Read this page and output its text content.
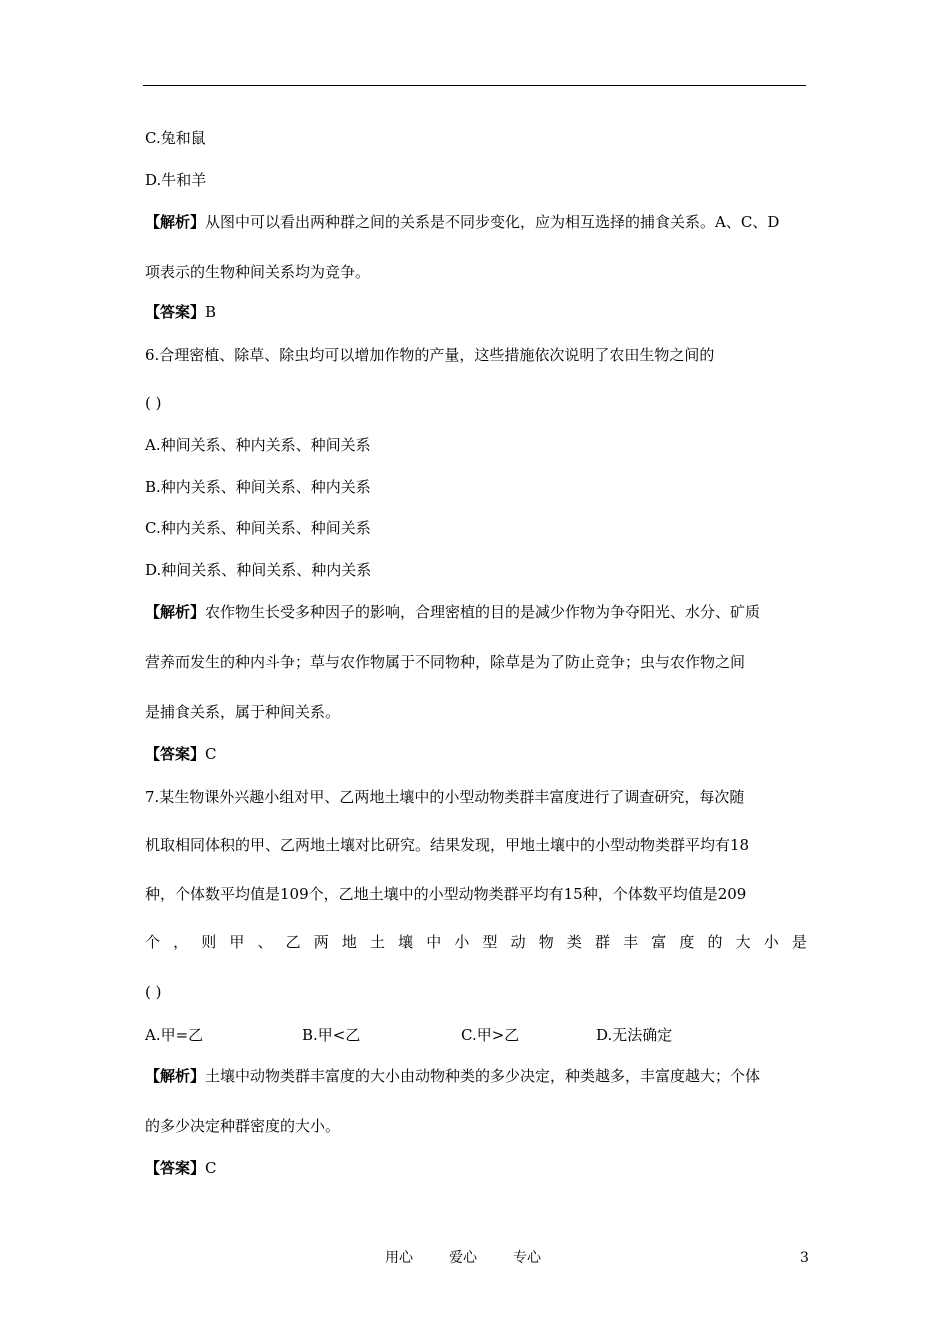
C.兔和鼠
D.牛和羊
【解析】从图中可以看出两种群之间的关系是不同步变化，应为相互选择的捕食关系。A、C、D
项表示的生物种间关系均为竞争。
【答案】B
6.合理密植、除草、除虫均可以增加作物的产量，这些措施依次说明了农田生物之间的
( )
A.种间关系、种内关系、种间关系
B.种内关系、种间关系、种内关系
C.种内关系、种间关系、种间关系
D.种间关系、种间关系、种内关系
【解析】农作物生长受多种因子的影响，合理密植的目的是减少作物为争夺阳光、水分、矿质
营养而发生的种内斗争；草与农作物属于不同物种，除草是为了防止竞争；虫与农作物之间
是捕食关系，属于种间关系。
【答案】C
7.某生物课外兴趣小组对甲、乙两地土壤中的小型动物类群丰富度进行了调查研究，每次随
机取相同体积的甲、乙两地土壤对比研究。结果发现，甲地土壤中的小型动物类群平均有18
种，个体数平均值是109个，乙地土壤中的小型动物类群平均有15种，个体数平均值是209
个 ， 则 甲 、 乙 两 地 土 壤 中 小 型 动 物 类 群 丰 富 度 的 大 小 是
( )
A.甲=乙	B.甲<乙	C.甲>乙	D.无法确定
【解析】土壤中动物类群丰富度的大小由动物种类的多少决定，种类越多，丰富度越大；个体
的多少决定种群密度的大小。
【答案】C
用心	爱心	专心	3
